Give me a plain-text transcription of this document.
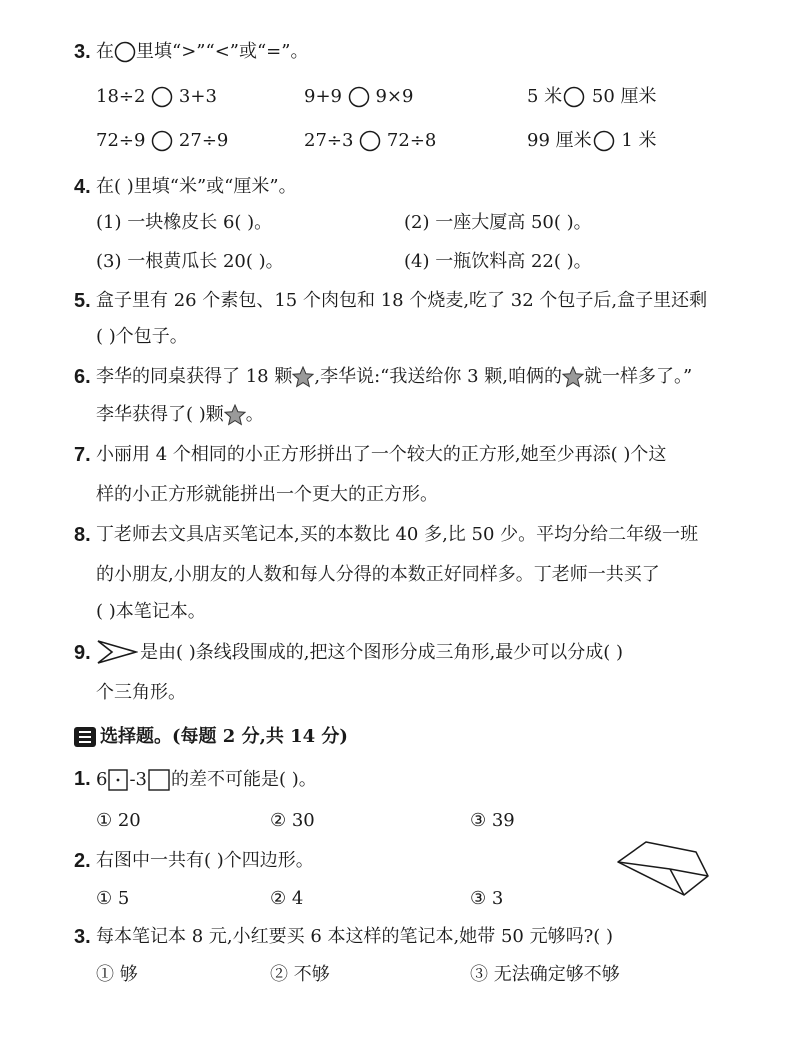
3. 在 里填“>”“<”或“=”。
18÷2 3+3	9+9 9×9	5 米 50 厘米
72÷9 27÷9	27÷3 72÷8	99 厘米 1 米
4. 在( )里填“米”或“厘米”。
(1) 一块橡皮长 6( )。	(2) 一座大厦高 50( )。
(3) 一根黄瓜长 20( )。	(4) 一瓶饮料高 22( )。
5. 盒子里有 26 个素包、15 个肉包和 18 个烧麦,吃了 32 个包子后,盒子里还剩
( )个包子。
6. 李华的同桌获得了 18 颗 ,李华说:“我送给你 3 颗,咱俩的 就一样多了。”
李华获得了( )颗 。
7. 小丽用 4 个相同的小正方形拼出了一个较大的正方形,她至少再添( )个这
样的小正方形就能拼出一个更大的正方形。
8. 丁老师去文具店买笔记本,买的本数比 40 多,比 50 少。平均分给二年级一班
的小朋友,小朋友的人数和每人分得的本数正好同样多。丁老师一共买了
( )本笔记本。
9.	是由( )条线段围成的,把这个图形分成三角形,最少可以分成( )
个三角形。
选择题。(每题 2 分,共 14 分)
1. 6 -3 的差不可能是( )。
① 20	② 30	③ 39
2. 右图中一共有( )个四边形。
① 5	② 4	③ 3
3. 每本笔记本 8 元,小红要买 6 本这样的笔记本,她带 50 元够吗?( )
① 够	② 不够	③ 无法确定够不够
